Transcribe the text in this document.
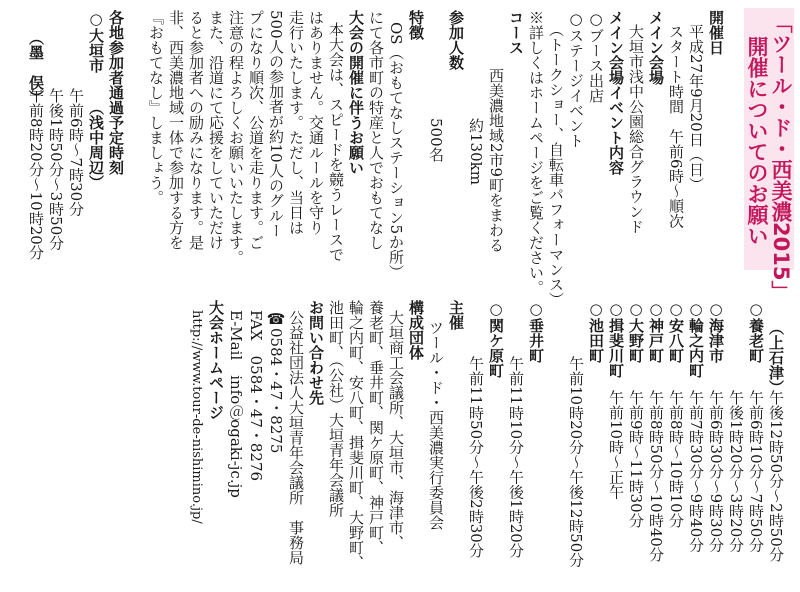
「ツール・ド・西美濃2015」
開催についてのお願い
開催日
平成27年9月20日（日）
スタート時間　午前6時～順次
メイン会場
大垣市浅中公園総合グラウンド
メイン会場イベント内容
○ブース出店
○ステージイベント
（トークショー、自転車パフォーマンス）
※詳しくはホームページをご覧ください。
コース
西美濃地域2市9町をまわる
約130km
参加人数
500名
特徴
OS（おもてなしステーション5か所）
にて各市町の特産と人でおもてなし
大会の開催に伴うお願い
本大会は、スピードを競うレースで
はありません。交通ルールを守り
走行いたします。ただし、当日は
500人の参加者が約10人のグルー
プになり順次、公道を走ります。ご
注意の程よろしくお願いいたします。
また、沿道にて応援をしていただけ
ると参加者への励みになります。是
非、西美濃地域一体で参加する方を
『おもてなし』しましょう。
各地参加者通過予定時刻
○大垣市
（浅中周辺）
午前6時～7時30分
午後1時50分～3時50分
午前8時20分～10時20分
（墨　俣）
（上石津）
○養老町
午後12時50分～2時50分
午前6時10分～7時50分
午後1時20分～3時20分
○海津市
午前6時30分～9時30分
○輪之内町
午前7時30分～9時40分
○安八町
午前8時～10時10分
○神戸町
午前8時50分～10時40分
○大野町
午前9時～11時30分
○揖斐川町
午前10時～正午
○池田町
午前10時20分～午後12時50分
○垂井町
午前11時10分～午後1時20分
○関ケ原町
午前11時50分～午後2時30分
主催
ツール・ド・西美濃実行委員会
構成団体
大垣商工会議所、大垣市、海津市、
養老町、垂井町、関ケ原町、神戸町、
輪之内町、安八町、揖斐川町、大野町、
池田町、（公社）大垣青年会議所
お問い合わせ先
公益社団法人大垣青年会議所　事務局
☎0584・47・8275
FAX　0584・47・8276
E-Mail　info＠ogaki-jc.jp
大会ホームページ
http://www.tour-de-nishimino.jp/
